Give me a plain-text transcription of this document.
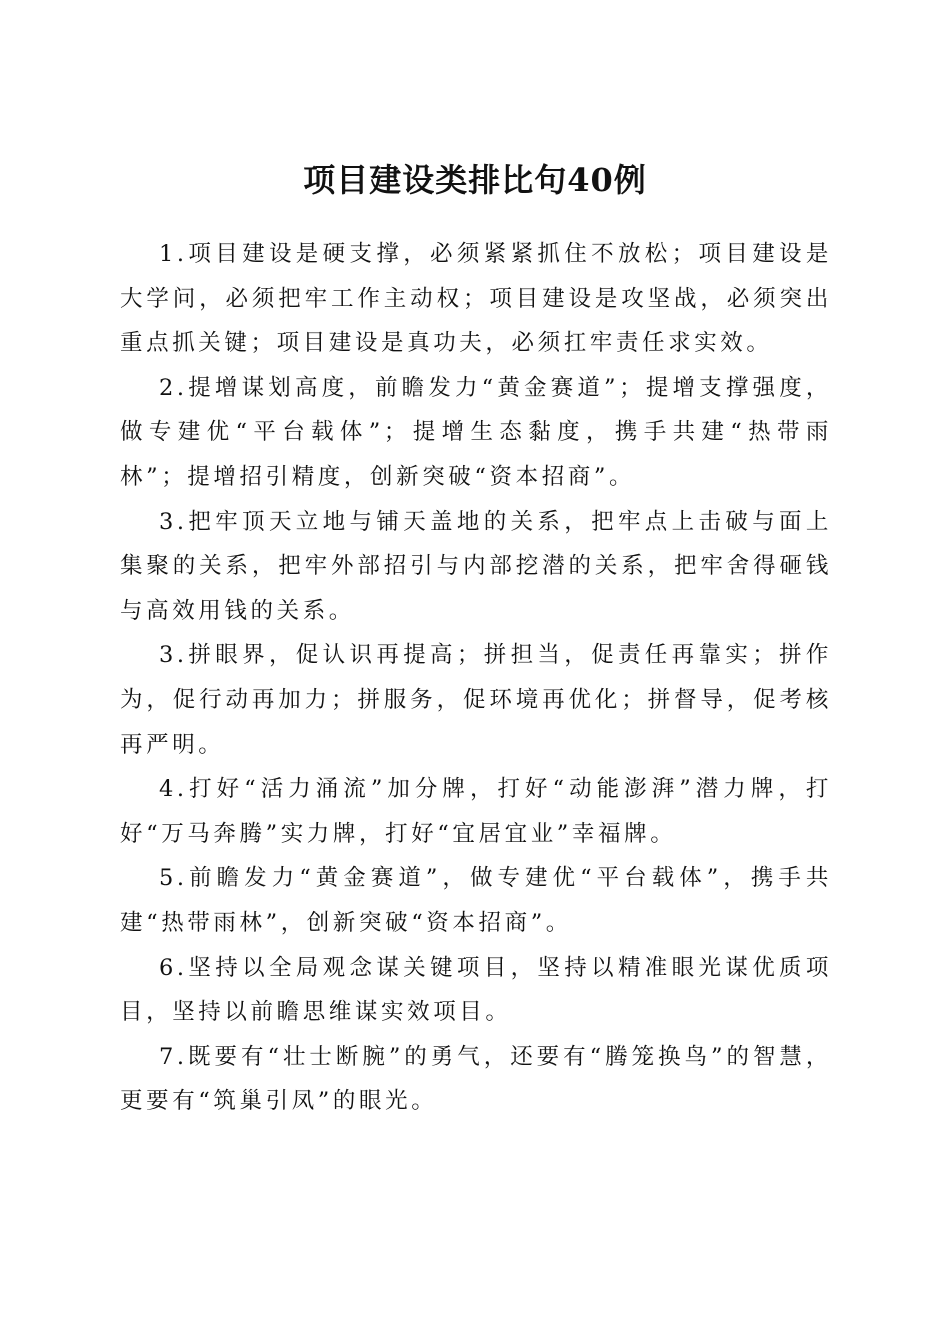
项目建设类排比句40例

1.项目建设是硬支撑，必须紧紧抓住不放松；项目建设是大学问，必须把牢工作主动权；项目建设是攻坚战，必须突出重点抓关键；项目建设是真功夫，必须扛牢责任求实效。

2.提增谋划高度，前瞻发力“黄金赛道”；提增支撑强度，做专建优“平台载体”；提增生态黏度，携手共建“热带雨林”；提增招引精度，创新突破“资本招商”。

3.把牢顶天立地与铺天盖地的关系，把牢点上击破与面上集聚的关系，把牢外部招引与内部挖潜的关系，把牢舍得砸钱与高效用钱的关系。

3.拼眼界，促认识再提高；拼担当，促责任再靠实；拼作为，促行动再加力；拼服务，促环境再优化；拼督导，促考核再严明。

4.打好“活力涌流”加分牌，打好“动能澎湃”潜力牌，打好“万马奔腾”实力牌，打好“宜居宜业”幸福牌。

5.前瞻发力“黄金赛道”，做专建优“平台载体”，携手共建“热带雨林”，创新突破“资本招商”。

6.坚持以全局观念谋关键项目，坚持以精准眼光谋优质项目，坚持以前瞻思维谋实效项目。

7.既要有“壮士断腕”的勇气，还要有“腾笼换鸟”的智慧，更要有“筑巢引凤”的眼光。
